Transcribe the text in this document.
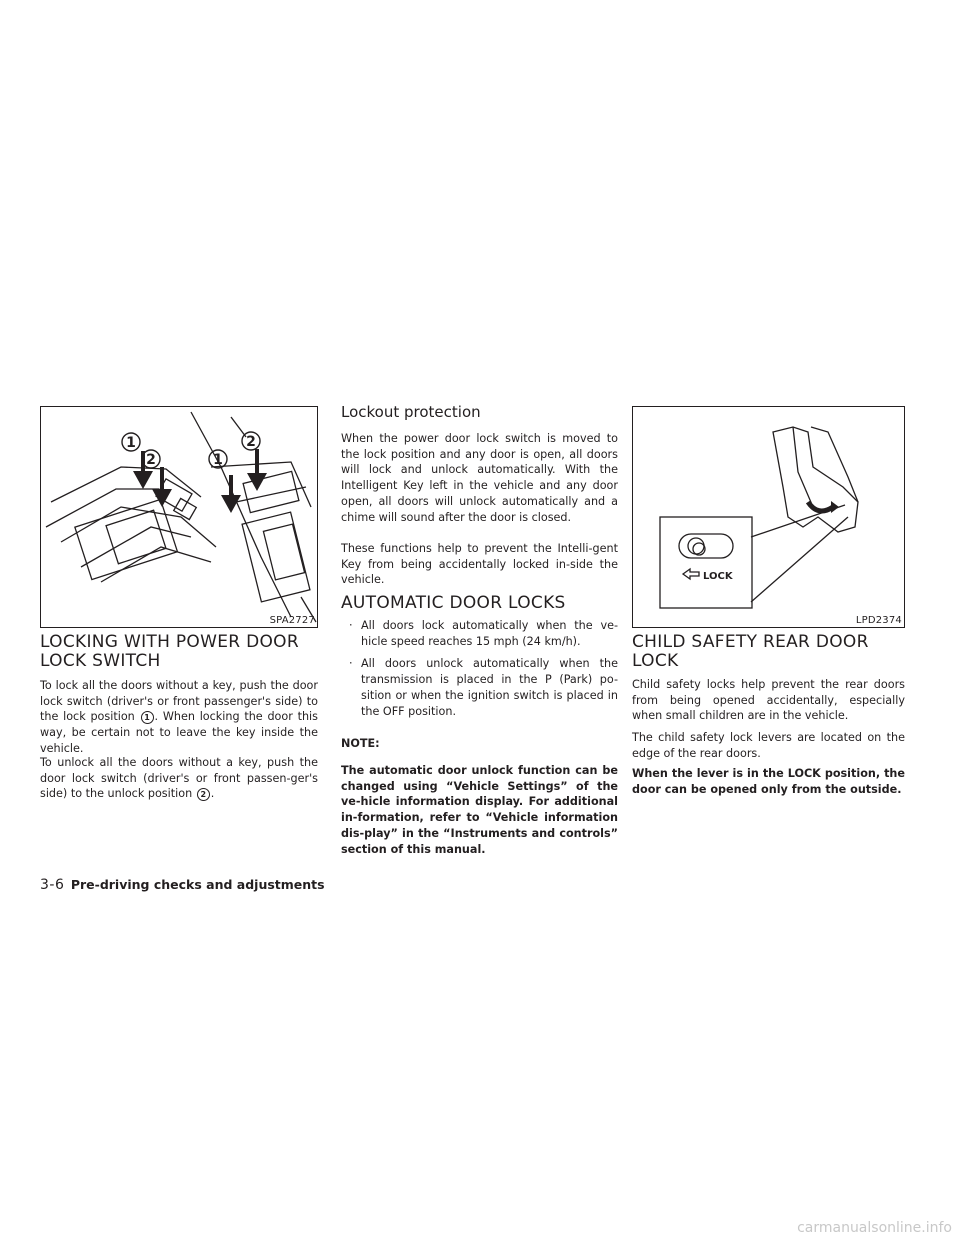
1
2	1
2
SPA2727
LOCKING WITH POWER DOOR LOCK SWITCH

To lock all the doors without a key, push the door lock switch (driver's or front passenger's side) to the lock position 1 . When locking the door this way, be certain not to leave the key inside the vehicle.

To unlock all the doors without a key, push the door lock switch (driver's or front passen-ger's side) to the unlock position 2 .

Lockout protection

When the power door lock switch is moved to the lock position and any door is open, all doors will lock and unlock automatically. With the Intelligent Key left in the vehicle and any door open, all doors will unlock automatically and a chime will sound after the door is closed.

These functions help to prevent the Intelli-gent Key from being accidentally locked in-side the vehicle.

AUTOMATIC DOOR LOCKS
· All doors lock automatically when the ve-hicle speed reaches 15 mph (24 km/h).
· All doors unlock automatically when the transmission is placed in the P (Park) po-sition or when the ignition switch is placed in the OFF position.

NOTE:

The automatic door unlock function can be changed using “Vehicle Settings” of the ve-hicle information display. For additional in-formation, refer to “Vehicle information dis-play” in the “Instruments and controls” section of this manual.

LOCK
LPD2374
CHILD SAFETY REAR DOOR LOCK

Child safety locks help prevent the rear doors from being opened accidentally, especially when small children are in the vehicle.

The child safety lock levers are located on the edge of the rear doors.

When the lever is in the LOCK position, the door can be opened only from the outside.

3-6 Pre-driving checks and adjustments
carmanualsonline.info
